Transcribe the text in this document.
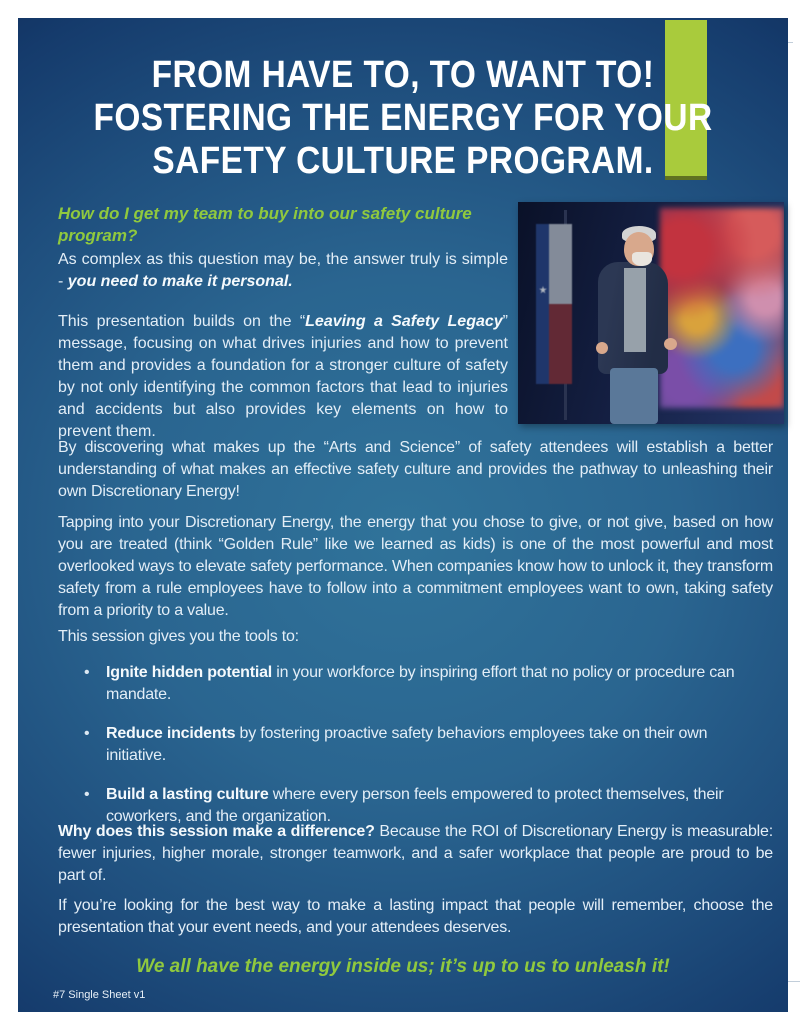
FROM HAVE TO, TO WANT TO!
FOSTERING THE ENERGY FOR YOUR
SAFETY CULTURE PROGRAM.
How do I get my team to buy into our safety culture program?

As complex as this question may be, the answer truly is simple - you need to make it personal.

This presentation builds on the “Leaving a Safety Legacy” message, focusing on what drives injuries and how to prevent them and provides a foundation for a stronger culture of safety by not only identifying the common factors that lead to injuries and accidents but also provides key elements on how to prevent them.

By discovering what makes up the “Arts and Science” of safety attendees will establish a better understanding of what makes an effective safety culture and provides the pathway to unleashing their own Discretionary Energy!

Tapping into your Discretionary Energy, the energy that you chose to give, or not give, based on how you are treated (think “Golden Rule” like we learned as kids) is one of the most powerful and most overlooked ways to elevate safety performance. When companies know how to unlock it, they transform safety from a rule employees have to follow into a commitment employees want to own, taking safety from a priority to a value.

This session gives you the tools to:

• Ignite hidden potential in your workforce by inspiring effort that no policy or procedure can mandate.
• Reduce incidents by fostering proactive safety behaviors employees take on their own initiative.
• Build a lasting culture where every person feels empowered to protect themselves, their coworkers, and the organization.

Why does this session make a difference? Because the ROI of Discretionary Energy is measurable: fewer injuries, higher morale, stronger teamwork, and a safer workplace that people are proud to be part of.

If you’re looking for the best way to make a lasting impact that people will remember, choose the presentation that your event needs, and your attendees deserves.

We all have the energy inside us; it’s up to us to unleash it!

#7 Single Sheet v1
